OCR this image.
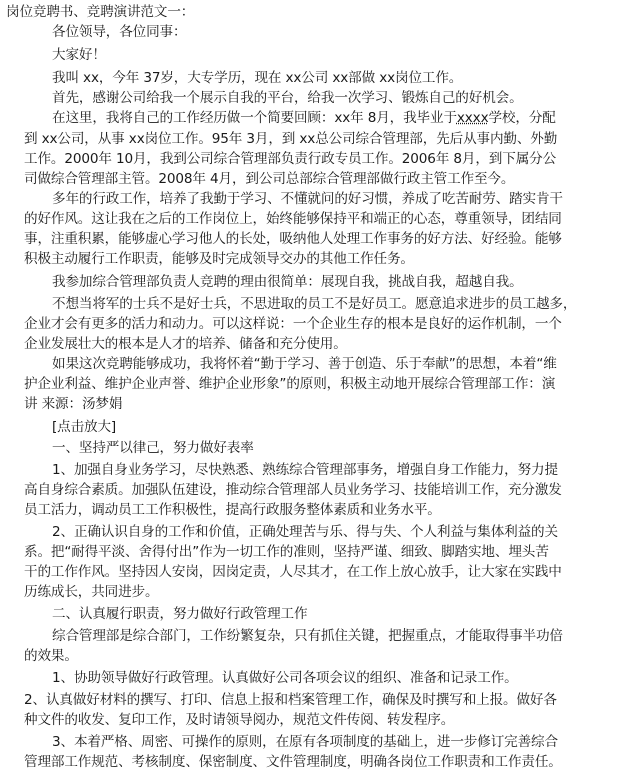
岗位竞聘书、竞聘演讲范文一：
各位领导，各位同事：
大家好！
我叫 xx，今年 37岁，大专学历，现在 xx公司 xx部做 xx岗位工作。
首先，感谢公司给我一个展示自我的平台，给我一次学习、锻炼自己的好机会。
在这里，我将自己的工作经历做一个简要回顾：xx年 8月，我毕业于xxxx学校，分配
到 xx公司，从事 xx岗位工作。95年 3月，到 xx总公司综合管理部，先后从事内勤、外勤
工作。2000年 10月，我到公司综合管理部负责行政专员工作。2006年 8月，到下属分公
司做综合管理部主管。2008年 4月，到公司总部综合管理部做行政主管工作至今。
多年的行政工作，培养了我勤于学习、不懂就问的好习惯，养成了吃苦耐劳、踏实肯干
的好作风。这让我在之后的工作岗位上，始终能够保持平和端正的心态，尊重领导，团结同
事，注重积累，能够虚心学习他人的长处，吸纳他人处理工作事务的好方法、好经验。能够
积极主动履行工作职责，能够及时完成领导交办的其他工作任务。
我参加综合管理部负责人竞聘的理由很简单：展现自我，挑战自我，超越自我。
不想当将军的士兵不是好士兵，不思进取的员工不是好员工。愿意追求进步的员工越多，
企业才会有更多的活力和动力。可以这样说：一个企业生存的根本是良好的运作机制，一个
企业发展壮大的根本是人才的培养、储备和充分使用。
如果这次竞聘能够成功，我将怀着“勤于学习、善于创造、乐于奉献”的思想，本着“维
护企业利益、维护企业声誉、维护企业形象”的原则，积极主动地开展综合管理部工作：演
讲 来源：汤梦娟
[点击放大]
一、坚持严以律己，努力做好表率
1、加强自身业务学习，尽快熟悉、熟练综合管理部事务，增强自身工作能力，努力提
高自身综合素质。加强队伍建设，推动综合管理部人员业务学习、技能培训工作，充分激发
员工活力，调动员工工作积极性，提高行政服务整体素质和业务水平。
2、正确认识自身的工作和价值，正确处理苦与乐、得与失、个人利益与集体利益的关
系。把“耐得平淡、舍得付出”作为一切工作的准则，坚持严谨、细致、脚踏实地、埋头苦
干的工作作风。坚持因人安岗，因岗定责，人尽其才，在工作上放心放手，让大家在实践中
历练成长，共同进步。
二、认真履行职责，努力做好行政管理工作
综合管理部是综合部门，工作纷繁复杂，只有抓住关键，把握重点，才能取得事半功倍
的效果。
1、协助领导做好行政管理。认真做好公司各项会议的组织、准备和记录工作。
2、认真做好材料的撰写、打印、信息上报和档案管理工作，确保及时撰写和上报。做好各
种文件的收发、复印工作，及时请领导阅办，规范文件传阅、转发程序。
3、本着严格、周密、可操作的原则，在原有各项制度的基础上，进一步修订完善综合
管理部工作规范、考核制度、保密制度、文件管理制度，明确各岗位工作职责和工作责任。
